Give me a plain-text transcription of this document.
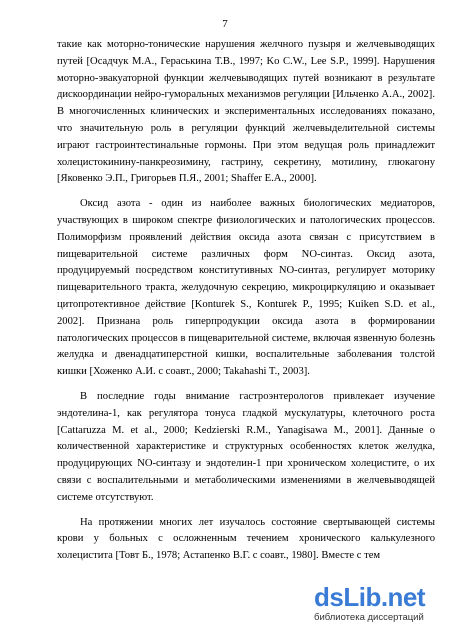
7

такие как моторно-тонические нарушения желчного пузыря и желчевыводящих путей [Осадчук М.А., Гераськина Т.В., 1997; Ko C.W., Lee S.P., 1999]. Нарушения моторно-эвакуаторной функции желчевыводящих путей возникают в результате дискоординации нейро-гуморальных механизмов регуляции [Ильченко А.А., 2002]. В многочисленных клинических и экспериментальных исследованиях показано, что значительную роль в регуляции функций желчевыделительной системы играют гастроинтестинальные гормоны. При этом ведущая роль принадлежит холецистокинину-панкреозимину, гастрину, секретину, мотилину, глюкагону [Яковенко Э.П., Григорьев П.Я., 2001; Shaffer E.A., 2000].

Оксид азота - один из наиболее важных биологических медиаторов, участвующих в широком спектре физиологических и патологических процессов. Полиморфизм проявлений действия оксида азота связан с присутствием в пищеварительной системе различных форм NO-синтаз. Оксид азота, продуцируемый посредством конститутивных NO-синтаз, регулирует моторику пищеварительного тракта, желудочную секрецию, микроциркуляцию и оказывает цитопротективное действие [Konturek S., Konturek P., 1995; Kuiken S.D. et al., 2002]. Признана роль гиперпродукции оксида азота в формировании патологических процессов в пищеварительной системе, включая язвенную болезнь желудка и двенадцатиперстной кишки, воспалительные заболевания толстой кишки [Хоженко А.И. с соавт., 2000; Takahashi T., 2003].

В последние годы внимание гастроэнтерологов привлекает изучение эндотелина-1, как регулятора тонуса гладкой мускулатуры, клеточного роста [Cattaruzza M. et al., 2000; Kedzierski R.M., Yanagisawa M., 2001]. Данные о количественной характеристике и структурных особенностях клеток желудка, продуцирующих NO-синтазу и эндотелин-1 при хроническом холецистите, о их связи с воспалительными и метаболическими изменениями в желчевыводящей системе отсутствуют.

На протяжении многих лет изучалось состояние свертывающей системы крови у больных с осложненным течением хронического калькулезного холецистита [Товт Б., 1978; Астапенко В.Г. с соавт., 1980]. Вместе с тем

dsLib.net
библиотека диссертаций
